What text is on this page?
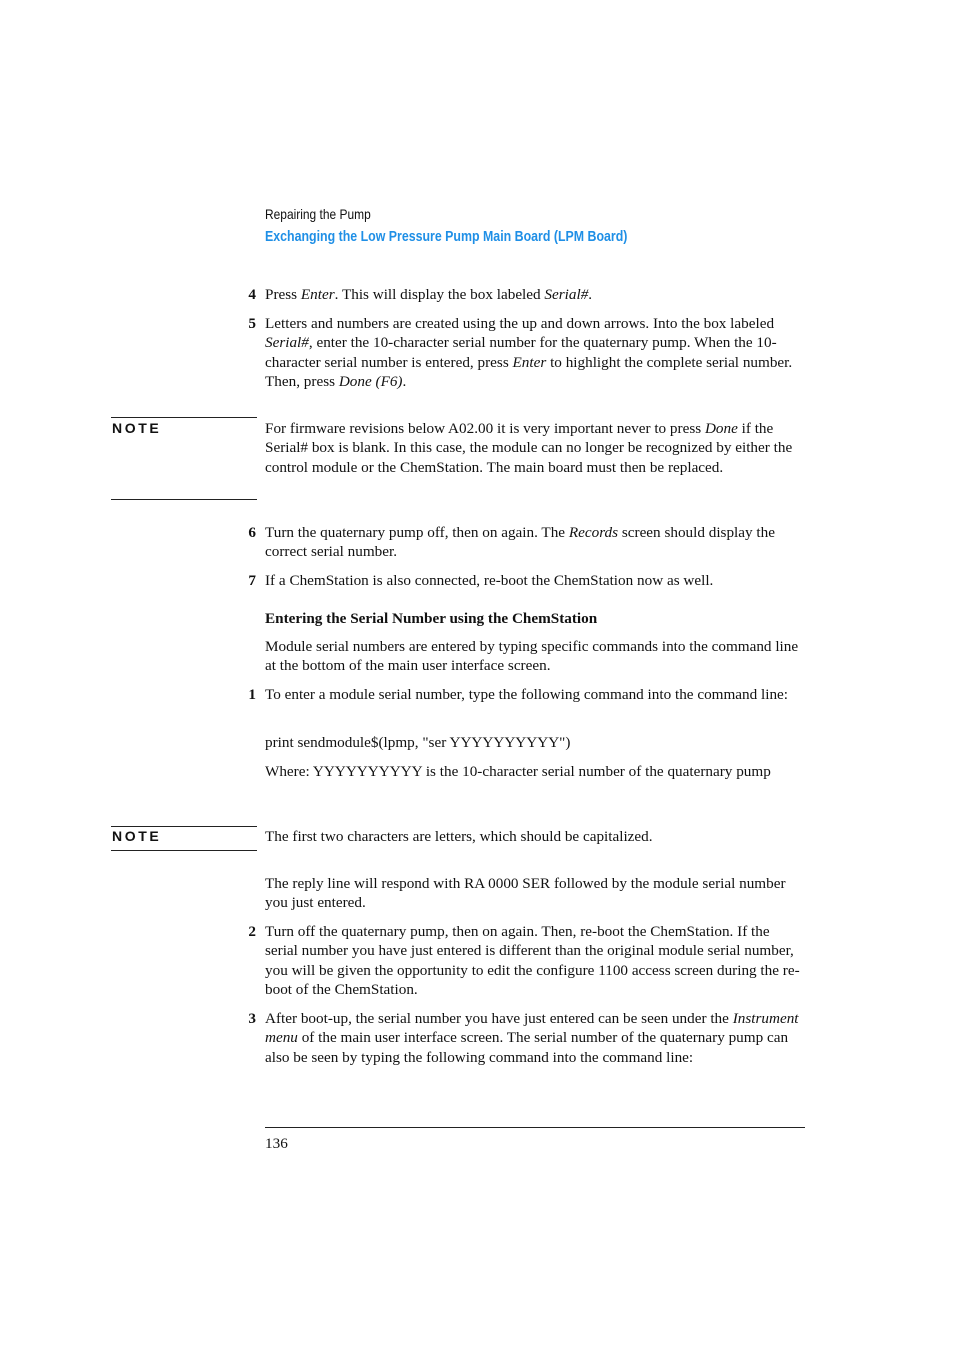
Repairing the Pump
Exchanging the Low Pressure Pump Main Board (LPM Board)
4 Press Enter. This will display the box labeled Serial#.
5 Letters and numbers are created using the up and down arrows. Into the box labeled Serial#, enter the 10-character serial number for the quaternary pump. When the 10-character serial number is entered, press Enter to highlight the complete serial number. Then, press Done (F6).
NOTE	For firmware revisions below A02.00 it is very important never to press Done if the Serial# box is blank. In this case, the module can no longer be recognized by either the control module or the ChemStation. The main board must then be replaced.
6 Turn the quaternary pump off, then on again. The Records screen should display the correct serial number.
7 If a ChemStation is also connected, re-boot the ChemStation now as well.
Entering the Serial Number using the ChemStation
Module serial numbers are entered by typing specific commands into the command line at the bottom of the main user interface screen.
1 To enter a module serial number, type the following command into the command line:
print sendmodule$(lpmp, "ser YYYYYYYYYY")
Where: YYYYYYYYYY is the 10-character serial number of the quaternary pump
NOTE	The first two characters are letters, which should be capitalized.
The reply line will respond with RA 0000 SER followed by the module serial number you just entered.
2 Turn off the quaternary pump, then on again. Then, re-boot the ChemStation. If the serial number you have just entered is different than the original module serial number, you will be given the opportunity to edit the configure 1100 access screen during the re-boot of the ChemStation.
3 After boot-up, the serial number you have just entered can be seen under the Instrument menu of the main user interface screen. The serial number of the quaternary pump can also be seen by typing the following command into the command line:
136
